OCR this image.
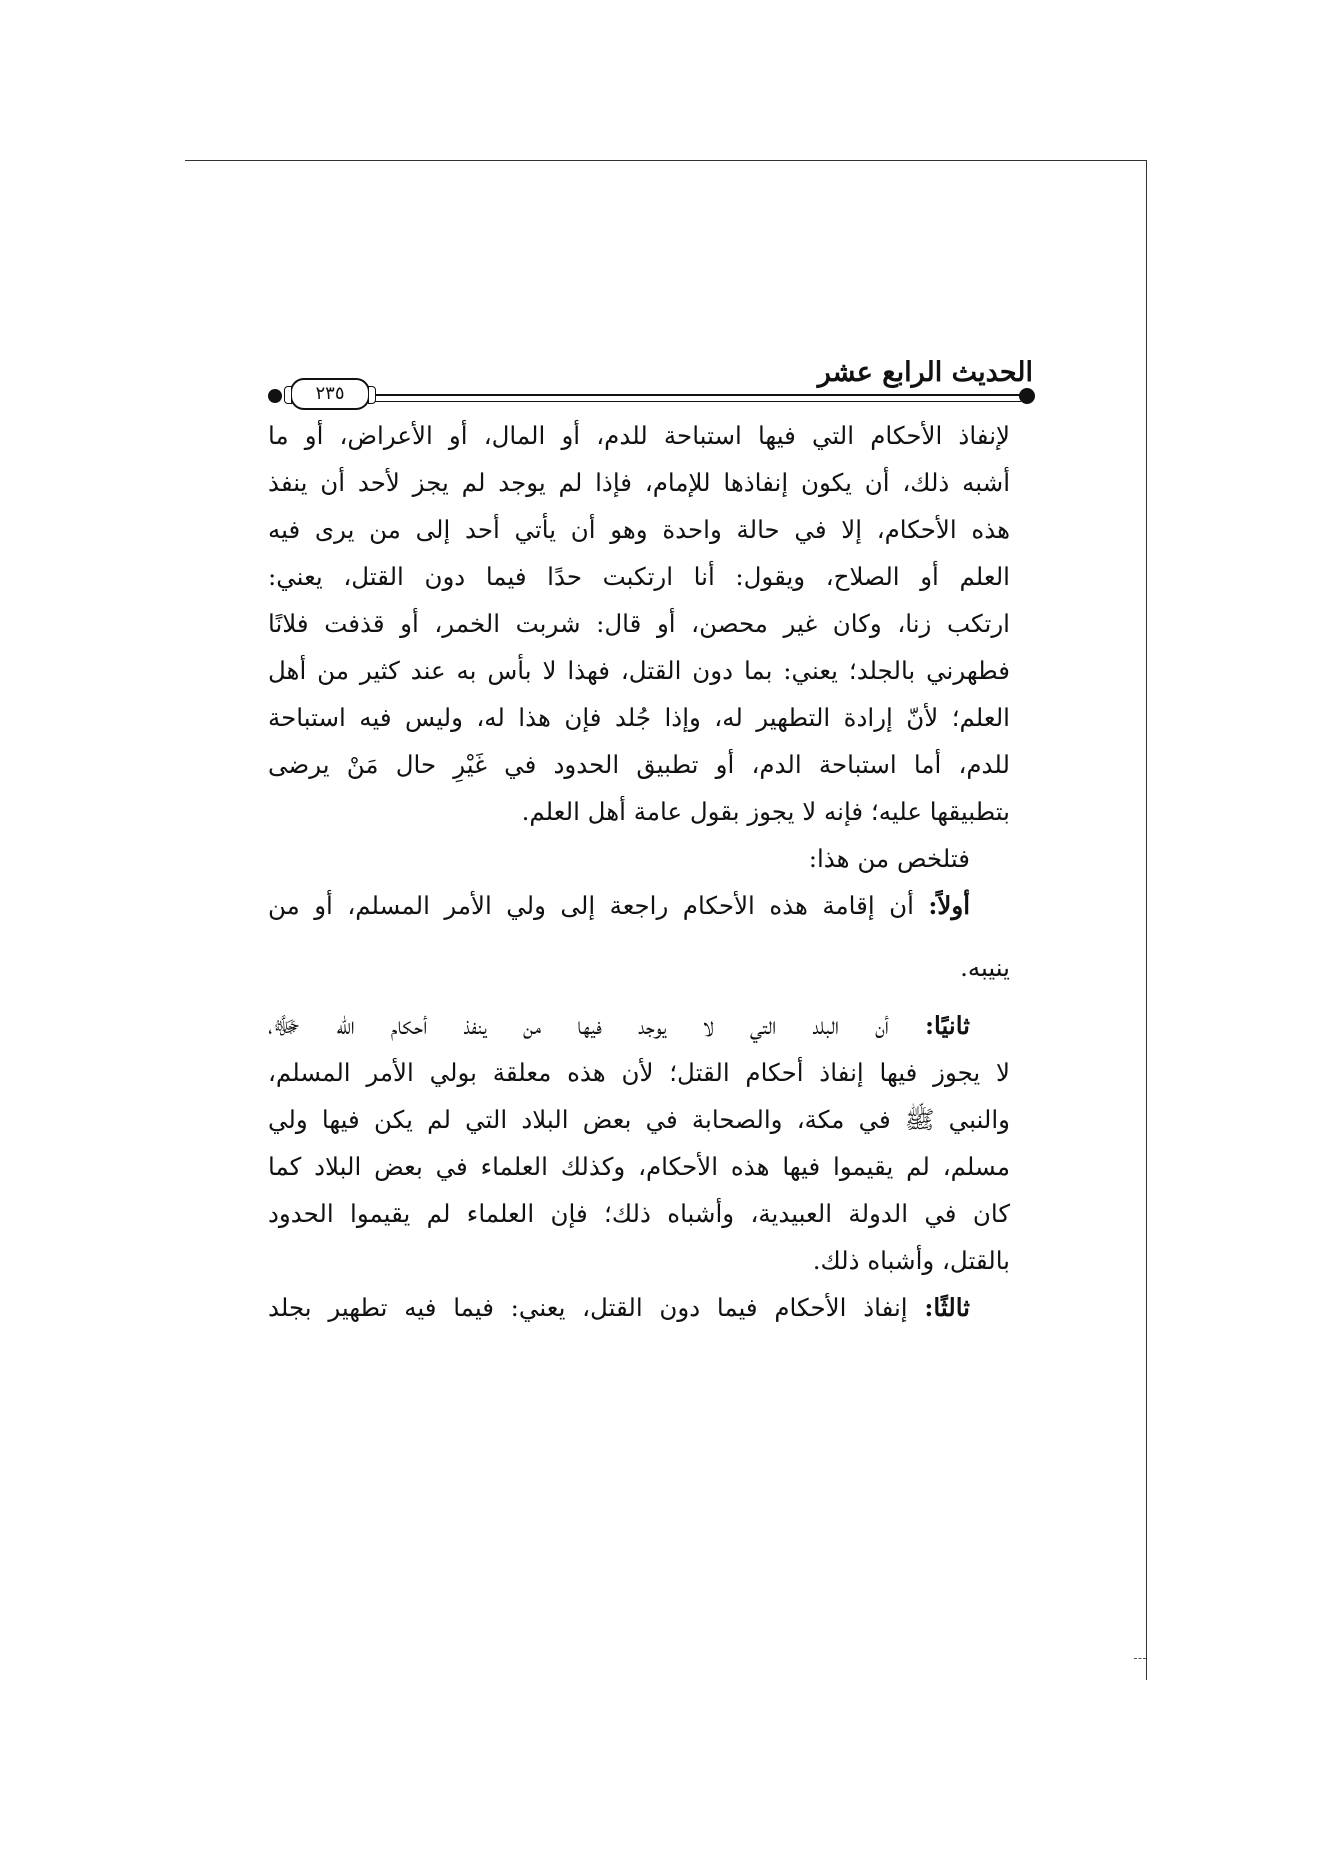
الحديث الرابع عشر
٢٣٥
لإنفاذ الأحكام التي فيها استباحة للدم، أو المال، أو الأعراض، أو ما
أشبه ذلك، أن يكون إنفاذها للإمام، فإذا لم يوجد لم يجز لأحد أن ينفذ
هذه الأحكام، إلا في حالة واحدة وهو أن يأتي أحد إلى من يرى فيه
العلم أو الصلاح، ويقول: أنا ارتكبت حدًا فيما دون القتل، يعني:
ارتكب زنا، وكان غير محصن، أو قال: شربت الخمر، أو قذفت فلانًا
فطهرني بالجلد؛ يعني: بما دون القتل، فهذا لا بأس به عند كثير من أهل
العلم؛ لأنّ إرادة التطهير له، وإذا جُلد فإن هذا له، وليس فيه استباحة
للدم، أما استباحة الدم، أو تطبيق الحدود في غَيْرِ حال مَنْ يرضى
بتطبيقها عليه؛ فإنه لا يجوز بقول عامة أهل العلم.
فتلخص من هذا:
أولاً: أن إقامة هذه الأحكام راجعة إلى ولي الأمر المسلم، أو من
ينيبه.
ثانيًا: أن البلد التي لا يوجد فيها من ينفذ أحكام الله ﷻ،
لا يجوز فيها إنفاذ أحكام القتل؛ لأن هذه معلقة بولي الأمر المسلم،
والنبي ﷺ في مكة، والصحابة في بعض البلاد التي لم يكن فيها ولي
مسلم، لم يقيموا فيها هذه الأحكام، وكذلك العلماء في بعض البلاد كما
كان في الدولة العبيدية، وأشباه ذلك؛ فإن العلماء لم يقيموا الحدود
بالقتل، وأشباه ذلك.
ثالثًا: إنفاذ الأحكام فيما دون القتل، يعني: فيما فيه تطهير بجلد
